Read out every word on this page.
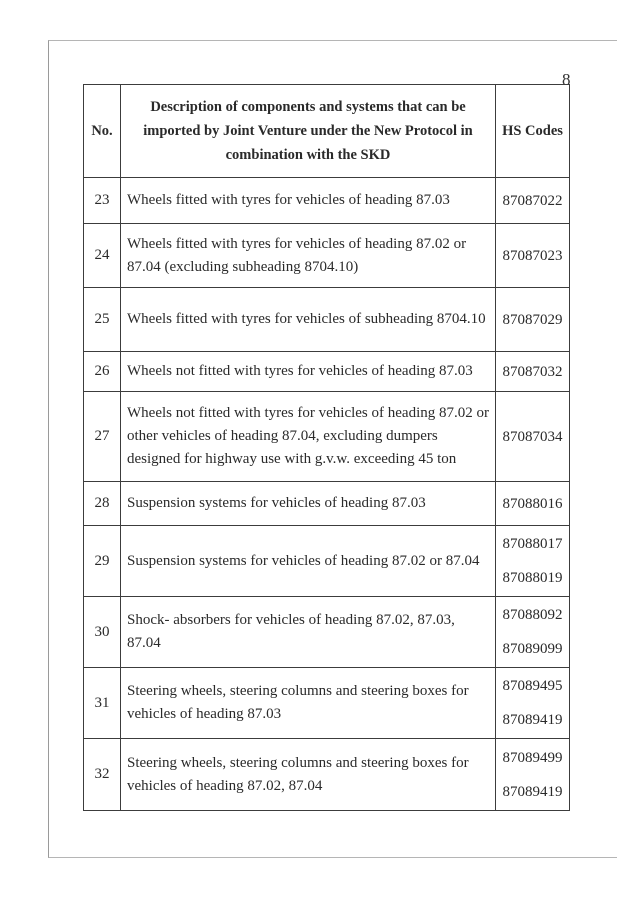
8
No.	Description of components and systems that can be imported by Joint Venture under the New Protocol in combination with the SKD	HS Codes
23	Wheels fitted with tyres for vehicles of heading 87.03	87087022

24	Wheels fitted with tyres for vehicles of heading 87.02 or 87.04 (excluding subheading 8704.10)	87087023

25	Wheels fitted with tyres for vehicles of subheading 8704.10	87087029

26	Wheels not fitted with tyres for vehicles of heading 87.03	87087032

27	Wheels not fitted with tyres for vehicles of heading 87.02 or other vehicles of heading 87.04, excluding dumpers designed for highway use with g.v.w. exceeding 45 ton	87087034

28	Suspension systems for vehicles of heading 87.03	87088016

29	Suspension systems for vehicles of heading 87.02 or 87.04	87088017
87088019

30	Shock- absorbers for vehicles of heading 87.02, 87.03, 87.04	87088092
87089099

31	Steering wheels, steering columns and steering boxes for vehicles of heading 87.03	87089495
87089419

32	Steering wheels, steering columns and steering boxes for vehicles of heading 87.02, 87.04	87089499
87089419
